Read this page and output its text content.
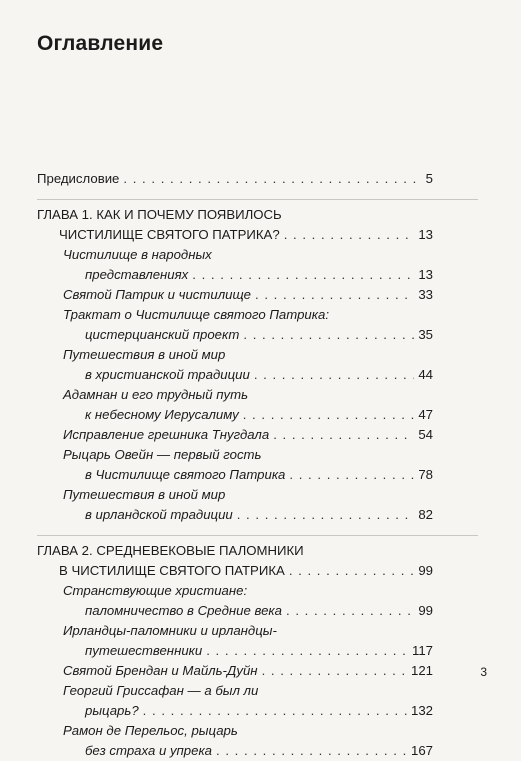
Оглавление
Предисловие . . .	5
ГЛАВА 1. КАК И ПОЧЕМУ ПОЯВИЛОСЬ
ЧИСТИЛИЩЕ СВЯТОГО ПАТРИКА? . . .	13
Чистилище в народных
представлениях . . .	13
Святой Патрик и чистилище . . .	33
Трактат о Чистилище святого Патрика:
цистерцианский проект . . .	35
Путешествия в иной мир
в христианской традиции . . .	44
Адамнан и его трудный путь
к небесному Иерусалиму . . .	47
Исправление грешника Тнугдала . . .	54
Рыцарь Овейн — первый гость
в Чистилище святого Патрика . . .	78
Путешествия в иной мир
в ирландской традиции . . .	82
ГЛАВА 2. СРЕДНЕВЕКОВЫЕ ПАЛОМНИКИ
В ЧИСТИЛИЩЕ СВЯТОГО ПАТРИКА . . .	99
Странствующие христиане:
паломничество в Средние века . . .	99
Ирландцы-паломники и ирландцы-
путешественники . . .	117
Святой Брендан и Майль-Дуйн . . .	121
Георгий Гриссафан — а был ли
рыцарь? . . .	132
Рамон де Перельос, рыцарь
без страха и упрека . . .	167
3
